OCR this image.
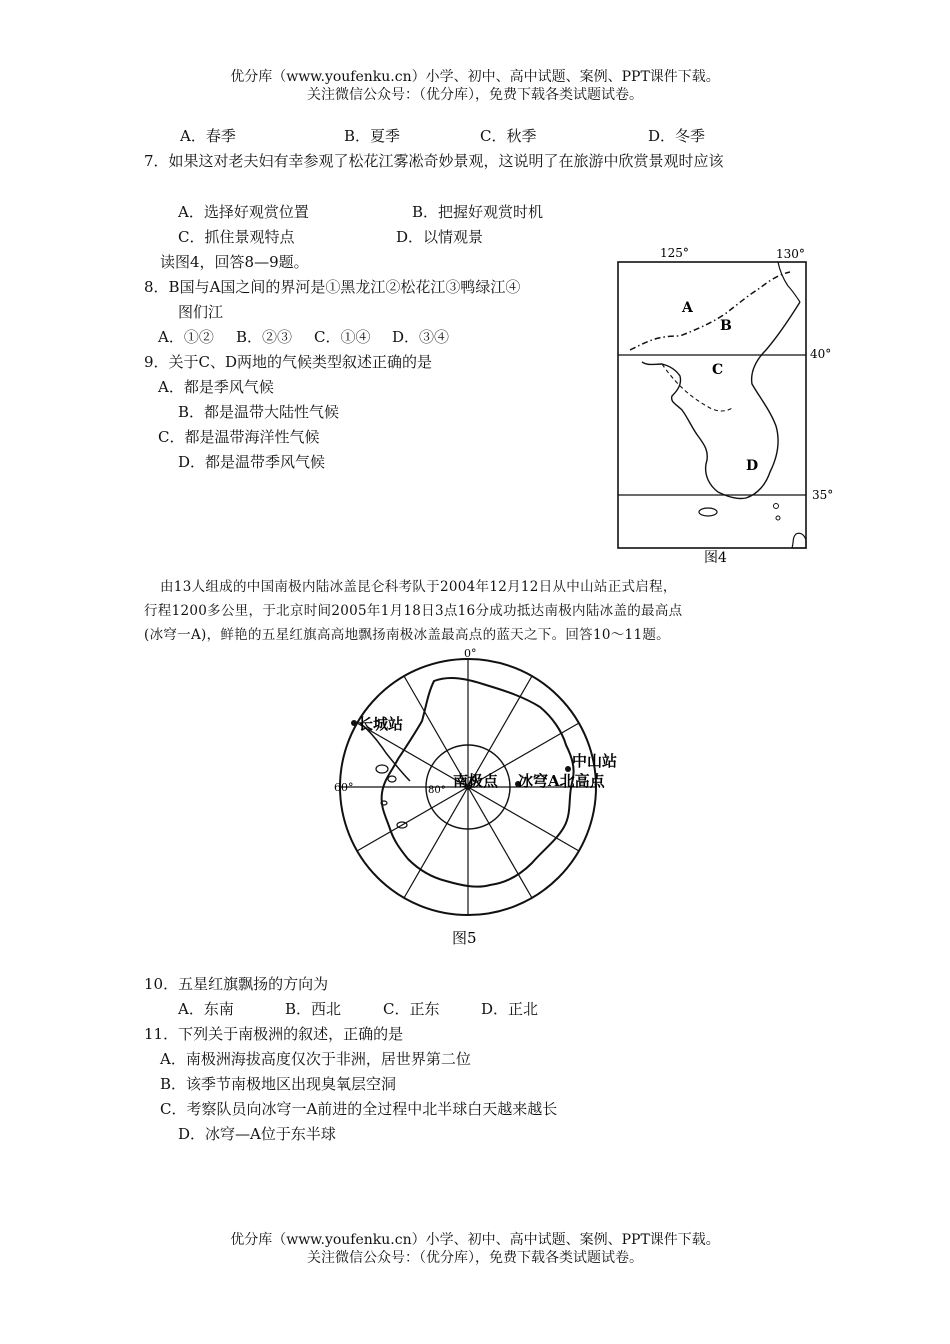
优分库（www.youfenku.cn）小学、初中、高中试题、案例、PPT课件下载。
关注微信公众号：（优分库），免费下载各类试题试卷。
A．春季	B．夏季	C．秋季	D．冬季
7．如果这对老夫妇有幸参观了松花江雾凇奇妙景观，这说明了在旅游中欣赏景观时应该
A．选择好观赏位置	B．把握好观赏时机
C．抓住景观特点	D．以情观景
读图4，回答8—9题。
8．B国与A国之间的界河是①黑龙江②松花江③鸭绿江④
图们江
A．①② B．②③ C．①④ D．③④
9．关于C、D两地的气候类型叙述正确的是
A．都是季风气候
B．都是温带大陆性气候
C．都是温带海洋性气候
D．都是温带季风气候
125°	130°
40°
35°
A
B
C
D
图4
由13人组成的中国南极内陆冰盖昆仑科考队于2004年12月12日从中山站正式启程，
行程1200多公里，于北京时间2005年1月18日3点16分成功抵达南极内陆冰盖的最高点
(冰穹一A)，鲜艳的五星红旗高高地飘扬南极冰盖最高点的蓝天之下。回答10～11题。
0°
长城站
60°	80°
南极点 冰穹A北高点
中山站
图5
10．五星红旗飘扬的方向为
A．东南	B．西北	C．正东	D．正北
11．下列关于南极洲的叙述，正确的是
A．南极洲海拔高度仅次于非洲，居世界第二位
B．该季节南极地区出现臭氧层空洞
C．考察队员向冰穹一A前进的全过程中北半球白天越来越长
D．冰穹—A位于东半球
优分库（www.youfenku.cn）小学、初中、高中试题、案例、PPT课件下载。
关注微信公众号：（优分库），免费下载各类试题试卷。
